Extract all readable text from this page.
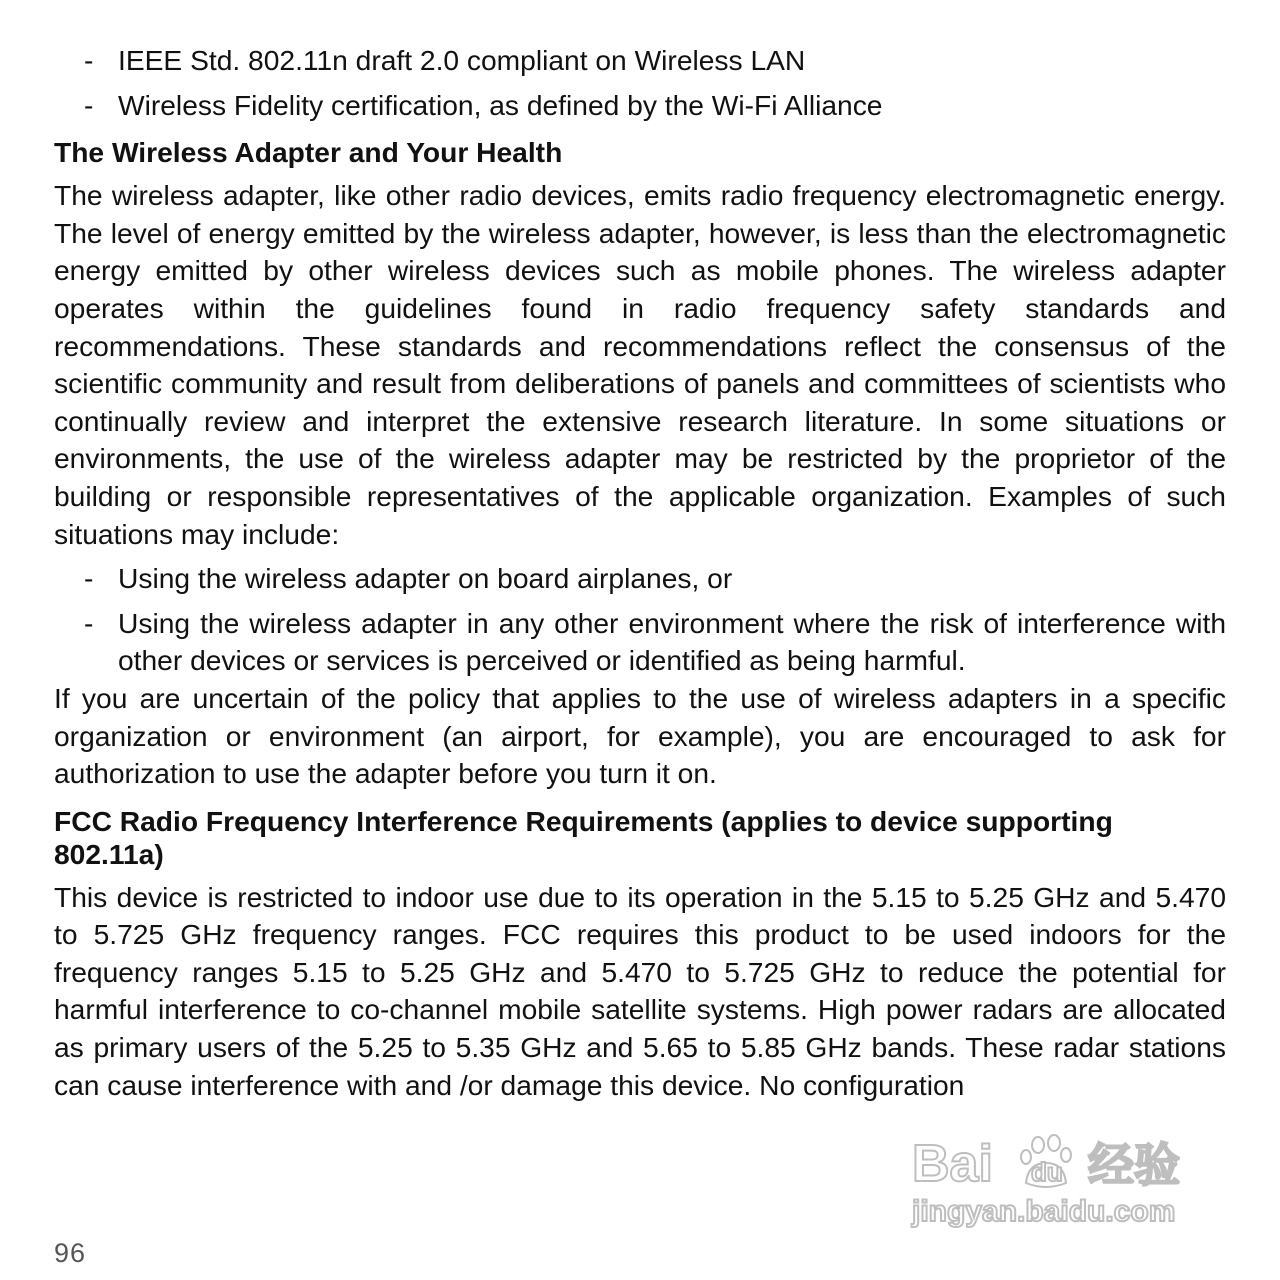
- IEEE Std. 802.11n draft 2.0 compliant on Wireless LAN
- Wireless Fidelity certification, as defined by the Wi-Fi Alliance
The Wireless Adapter and Your Health

The wireless adapter, like other radio devices, emits radio frequency electromagnetic energy. The level of energy emitted by the wireless adapter, however, is less than the electromagnetic energy emitted by other wireless devices such as mobile phones. The wireless adapter operates within the guidelines found in radio frequency safety standards and recommendations. These standards and recommendations reflect the consensus of the scientific community and result from deliberations of panels and committees of scientists who continually review and interpret the extensive research literature. In some situations or environments, the use of the wireless adapter may be restricted by the proprietor of the building or responsible representatives of the applicable organization. Examples of such situations may include:

- Using the wireless adapter on board airplanes, or
- Using the wireless adapter in any other environment where the risk of interference with other devices or services is perceived or identified as being harmful.

If you are uncertain of the policy that applies to the use of wireless adapters in a specific organization or environment (an airport, for example), you are encouraged to ask for authorization to use the adapter before you turn it on.

FCC Radio Frequency Interference Requirements (applies to device supporting 802.11a)

This device is restricted to indoor use due to its operation in the 5.15 to 5.25 GHz and 5.470 to 5.725 GHz frequency ranges. FCC requires this product to be used indoors for the frequency ranges 5.15 to 5.25 GHz and 5.470 to 5.725 GHz to reduce the potential for harmful interference to co-channel mobile satellite systems. High power radars are allocated as primary users of the 5.25 to 5.35 GHz and 5.65 to 5.85 GHz bands. These radar stations can cause interference with and /or damage this device. No configuration

96
Bai du 经验
jingyan.baidu.com
